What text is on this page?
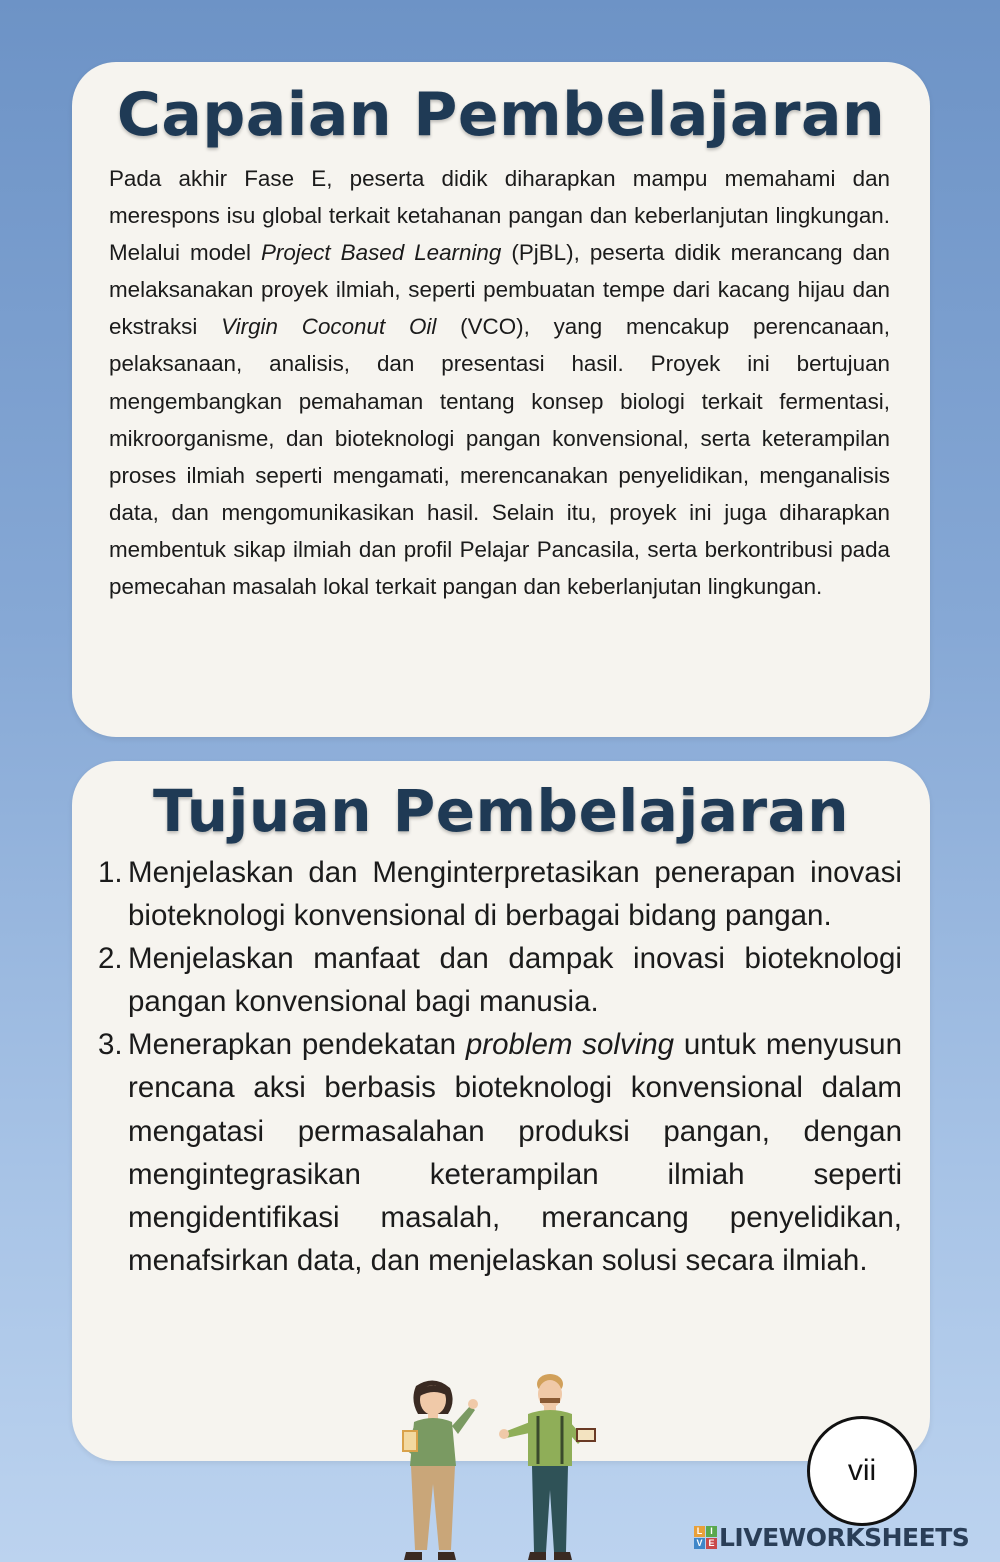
Capaian Pembelajaran

Pada akhir Fase E, peserta didik diharapkan mampu memahami dan merespons isu global terkait ketahanan pangan dan keberlanjutan lingkungan. Melalui model Project Based Learning (PjBL), peserta didik merancang dan melaksanakan proyek ilmiah, seperti pembuatan tempe dari kacang hijau dan ekstraksi Virgin Coconut Oil (VCO), yang mencakup perencanaan, pelaksanaan, analisis, dan presentasi hasil. Proyek ini bertujuan mengembangkan pemahaman tentang konsep biologi terkait fermentasi, mikroorganisme, dan bioteknologi pangan konvensional, serta keterampilan proses ilmiah seperti mengamati, merencanakan penyelidikan, menganalisis data, dan mengomunikasikan hasil. Selain itu, proyek ini juga diharapkan membentuk sikap ilmiah dan profil Pelajar Pancasila, serta berkontribusi pada pemecahan masalah lokal terkait pangan dan keberlanjutan lingkungan.

Tujuan Pembelajaran
1. Menjelaskan dan Menginterpretasikan penerapan inovasi bioteknologi konvensional di berbagai bidang pangan.
2. Menjelaskan manfaat dan dampak inovasi bioteknologi pangan konvensional bagi manusia.
3. Menerapkan pendekatan problem solving untuk menyusun rencana aksi berbasis bioteknologi konvensional dalam mengatasi permasalahan produksi pangan, dengan mengintegrasikan keterampilan ilmiah seperti mengidentifikasi masalah, merancang penyelidikan, menafsirkan data, dan menjelaskan solusi secara ilmiah.
vii
L I
V E LIVEWORKSHEETS
